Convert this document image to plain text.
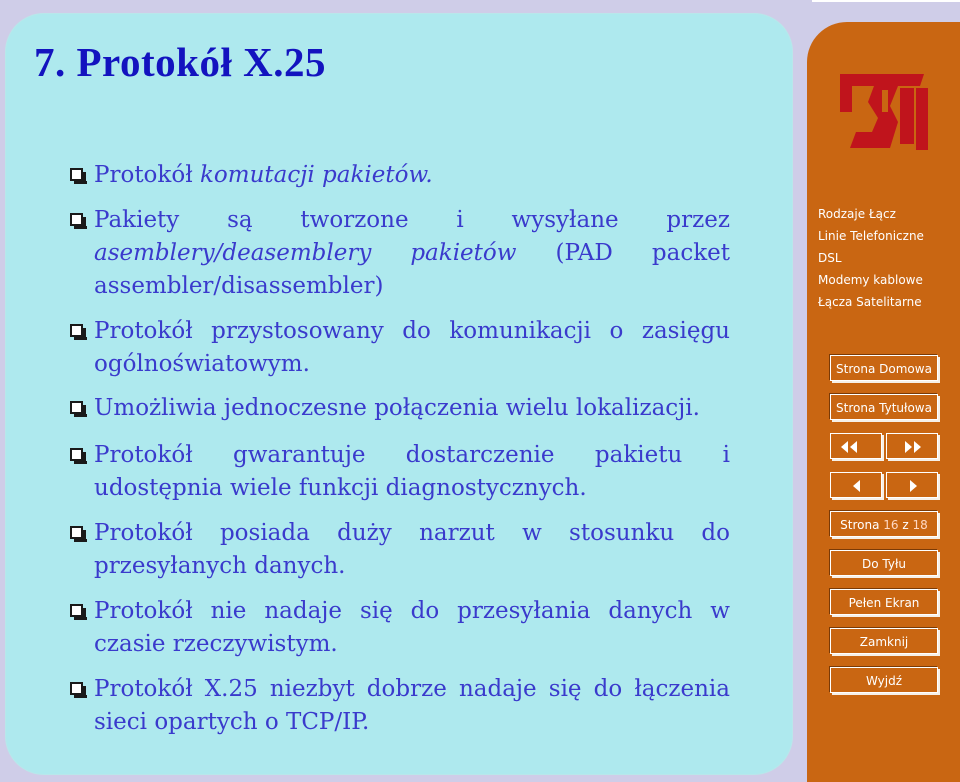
7. Protokół X.25
Protokół komutacji pakietów.
Pakiety są tworzone i wysyłane przez asemblery/deasemblery pakietów (PAD packet assembler/disassembler)
Protokół przystosowany do komunikacji o zasięgu ogólnoświatowym.
Umożliwia jednoczesne połączenia wielu lokalizacji.
Protokół gwarantuje dostarczenie pakietu i udostępnia wiele funkcji diagnostycznych.
Protokół posiada duży narzut w stosunku do przesyłanych danych.
Protokół nie nadaje się do przesyłania danych w czasie rzeczywistym.
Protokół X.25 niezbyt dobrze nadaje się do łączenia sieci opartych o TCP/IP.
Rodzaje Łącz
Linie Telefoniczne
DSL
Modemy kablowe
Łącza Satelitarne
Strona Domowa
Strona Tytułowa
Strona 16 z 18
Do Tyłu
Pełen Ekran
Zamknij
Wyjdź
